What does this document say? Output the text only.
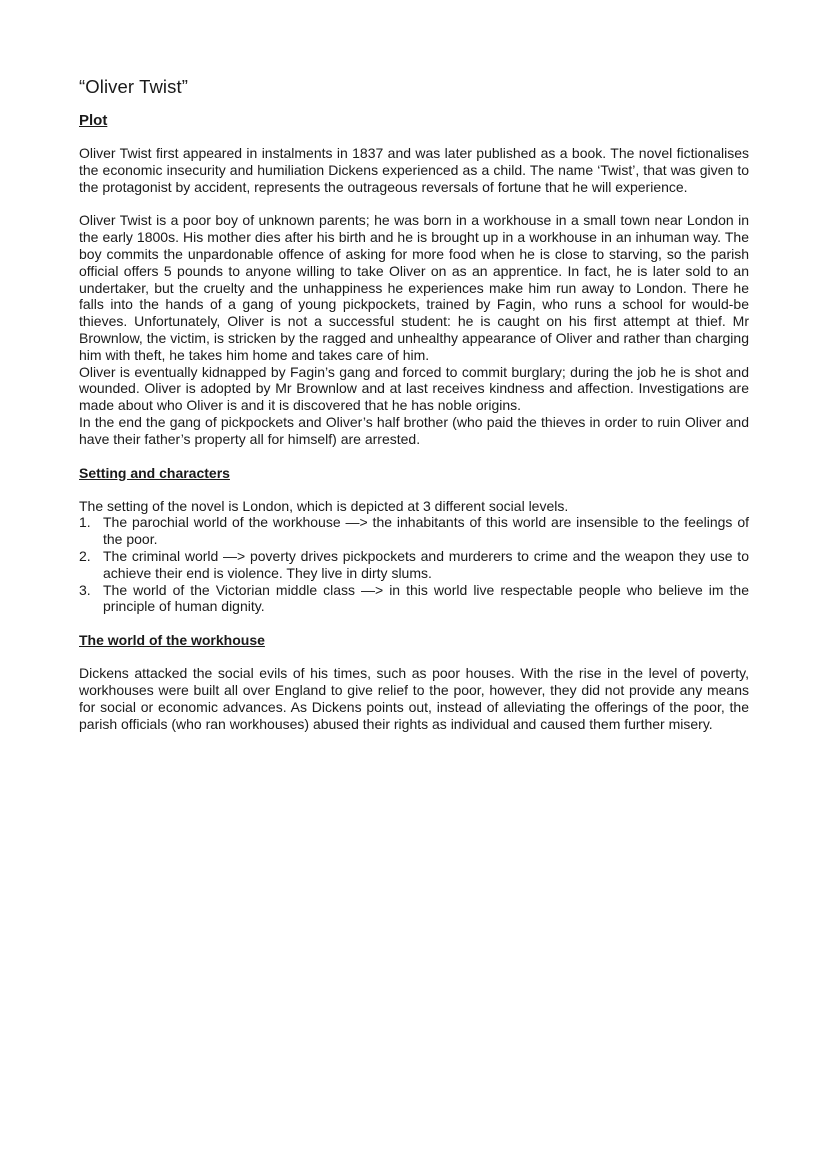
“Oliver Twist”
Plot

Oliver Twist first appeared in instalments in 1837 and was later published as a book. The novel fictionalises the economic insecurity and humiliation Dickens experienced as a child. The name ‘Twist’, that was given to the protagonist by accident, represents the outrageous reversals of fortune that he will experience.

Oliver Twist is a poor boy of unknown parents; he was born in a workhouse in a small town near London in the early 1800s. His mother dies after his birth and he is brought up in a workhouse in an inhuman way. The boy commits the unpardonable offence of asking for more food when he is close to starving, so the parish official offers 5 pounds to anyone willing to take Oliver on as an apprentice. In fact, he is later sold to an undertaker, but the cruelty and the unhappiness he experiences make him run away to London. There he falls into the hands of a gang of young pickpockets, trained by Fagin, who runs a school for would-be thieves. Unfortunately, Oliver is not a successful student: he is caught on his first attempt at thief. Mr Brownlow, the victim, is stricken by the ragged and unhealthy appearance of Oliver and rather than charging him with theft, he takes him home and takes care of him.

Oliver is eventually kidnapped by Fagin’s gang and forced to commit burglary; during the job he is shot and wounded. Oliver is adopted by Mr Brownlow and at last receives kindness and affection. Investigations are made about who Oliver is and it is discovered that he has noble origins.

In the end the gang of pickpockets and Oliver’s half brother (who paid the thieves in order to ruin Oliver and have their father’s property all for himself) are arrested.

Setting and characters

The setting of the novel is London, which is depicted at 3 different social levels.

1. The parochial world of the workhouse —> the inhabitants of this world are insensible to the feelings of the poor.
2. The criminal world —> poverty drives pickpockets and murderers to crime and the weapon they use to achieve their end is violence. They live in dirty slums.
3. The world of the Victorian middle class —> in this world live respectable people who believe im the principle of human dignity.
The world of the workhouse

Dickens attacked the social evils of his times, such as poor houses. With the rise in the level of poverty, workhouses were built all over England to give relief to the poor, however, they did not provide any means for social or economic advances. As Dickens points out, instead of alleviating the offerings of the poor, the parish officials (who ran workhouses) abused their rights as individual and caused them further misery.
